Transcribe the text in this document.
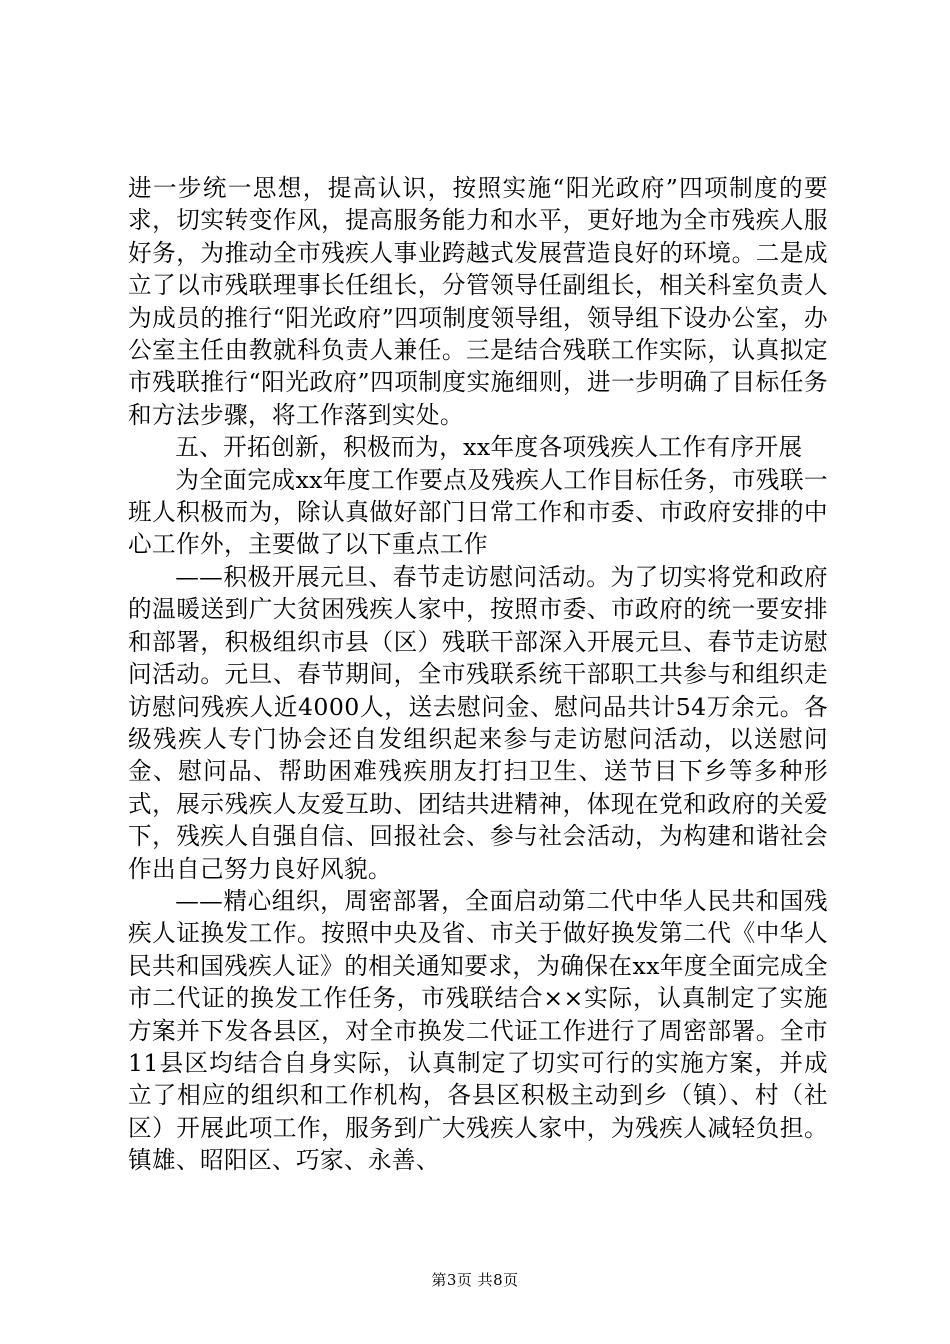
进一步统一思想，提高认识，按照实施“阳光政府”四项制度的要求，切实转变作风，提高服务能力和水平，更好地为全市残疾人服好务，为推动全市残疾人事业跨越式发展营造良好的环境。二是成立了以市残联理事长任组长，分管领导任副组长，相关科室负责人为成员的推行“阳光政府”四项制度领导组，领导组下设办公室，办公室主任由教就科负责人兼任。三是结合残联工作实际，认真拟定市残联推行“阳光政府”四项制度实施细则，进一步明确了目标任务和方法步骤，将工作落到实处。

五、开拓创新，积极而为，xx年度各项残疾人工作有序开展

为全面完成xx年度工作要点及残疾人工作目标任务，市残联一班人积极而为，除认真做好部门日常工作和市委、市政府安排的中心工作外，主要做了以下重点工作

——积极开展元旦、春节走访慰问活动。为了切实将党和政府的温暖送到广大贫困残疾人家中，按照市委、市政府的统一要安排和部署，积极组织市县（区）残联干部深入开展元旦、春节走访慰问活动。元旦、春节期间，全市残联系统干部职工共参与和组织走访慰问残疾人近4000人，送去慰问金、慰问品共计54万余元。各级残疾人专门协会还自发组织起来参与走访慰问活动，以送慰问金、慰问品、帮助困难残疾朋友打扫卫生、送节目下乡等多种形式，展示残疾人友爱互助、团结共进精神，体现在党和政府的关爱下，残疾人自强自信、回报社会、参与社会活动，为构建和谐社会作出自己努力良好风貌。

——精心组织，周密部署，全面启动第二代中华人民共和国残疾人证换发工作。按照中央及省、市关于做好换发第二代《中华人民共和国残疾人证》的相关通知要求，为确保在xx年度全面完成全市二代证的换发工作任务，市残联结合××实际，认真制定了实施方案并下发各县区，对全市换发二代证工作进行了周密部署。全市11县区均结合自身实际，认真制定了切实可行的实施方案，并成立了相应的组织和工作机构，各县区积极主动到乡（镇）、村（社区）开展此项工作，服务到广大残疾人家中，为残疾人减轻负担。镇雄、昭阳区、巧家、永善、

第3页 共8页
